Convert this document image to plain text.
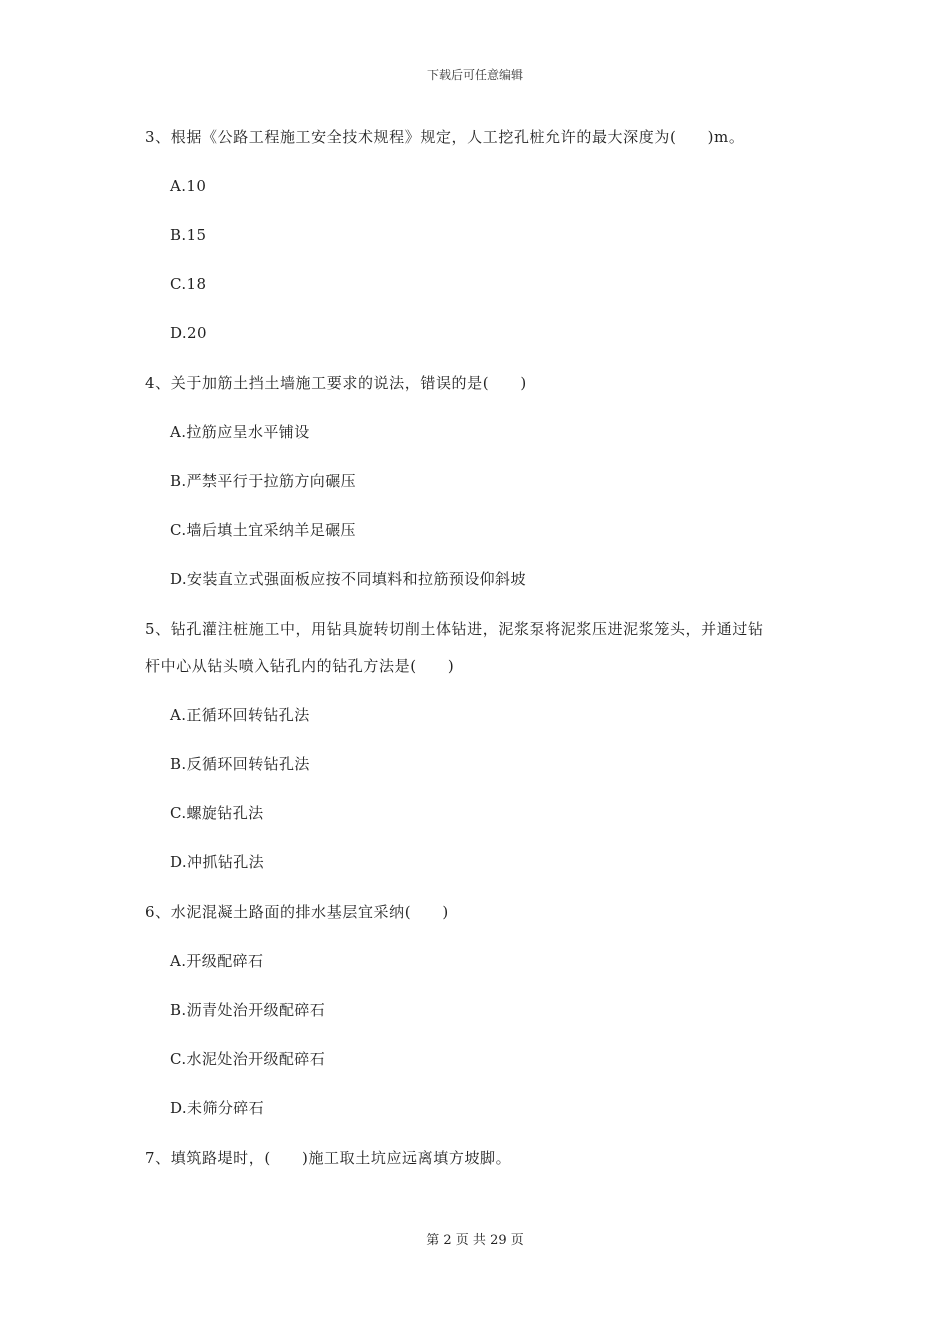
下载后可任意编辑
3、根据《公路工程施工安全技术规程》规定，人工挖孔桩允许的最大深度为(　　)m。
A.10
B.15
C.18
D.20
4、关于加筋土挡土墙施工要求的说法，错误的是(　　)
A.拉筋应呈水平铺设
B.严禁平行于拉筋方向碾压
C.墙后填土宜采纳羊足碾压
D.安装直立式强面板应按不同填料和拉筋预设仰斜坡
5、钻孔灌注桩施工中，用钻具旋转切削土体钻进，泥浆泵将泥浆压进泥浆笼头，并通过钻
杆中心从钻头喷入钻孔内的钻孔方法是(　　)
A.正循环回转钻孔法
B.反循环回转钻孔法
C.螺旋钻孔法
D.冲抓钻孔法
6、水泥混凝土路面的排水基层宜采纳(　　)
A.开级配碎石
B.沥青处治开级配碎石
C.水泥处治开级配碎石
D.未筛分碎石
7、填筑路堤时，(　　)施工取土坑应远离填方坡脚。
第 2 页 共 29 页
